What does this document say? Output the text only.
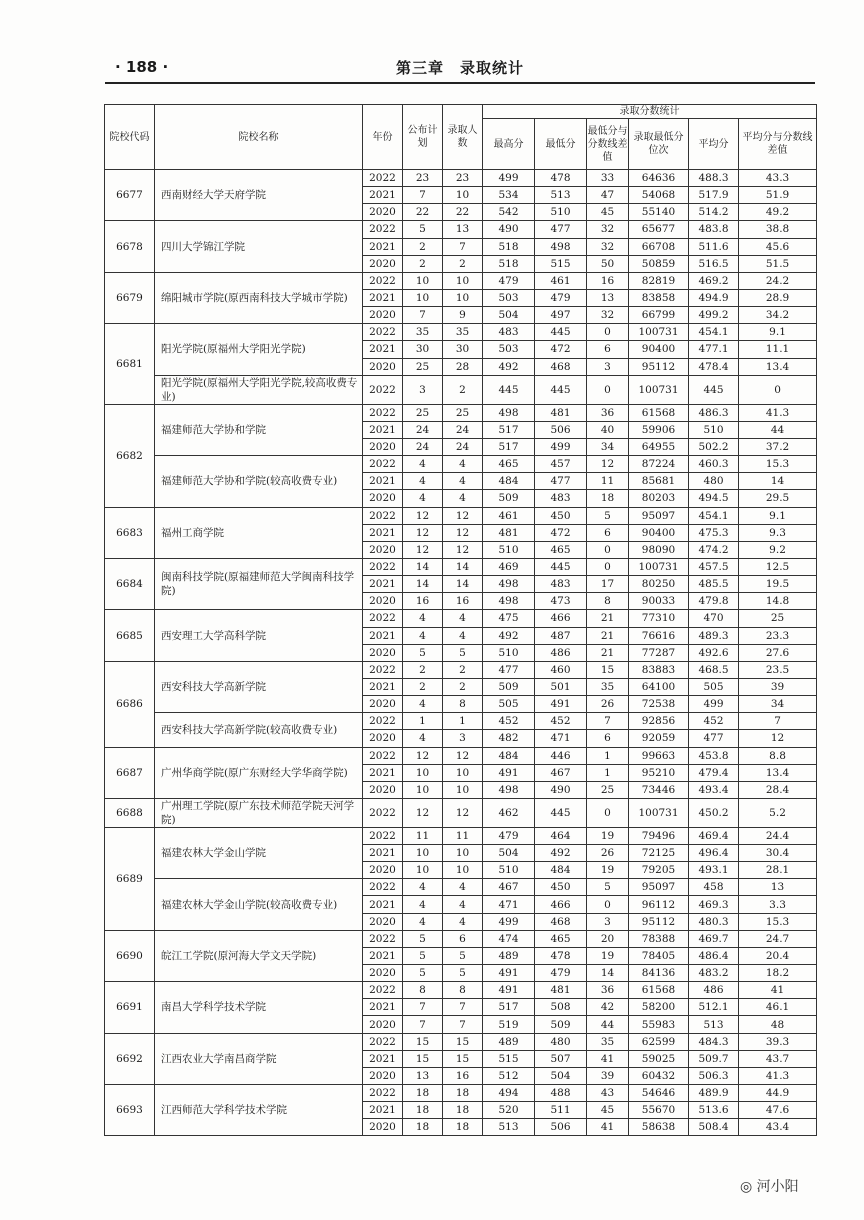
· 188 ·	第三章　录取统计
院校代码	院校名称	年份	公布计划	录取人数	录取分数统计					
					最高分	最低分	最低分与分数线差值	录取最低分位次	平均分	平均分与分数线差值
6677	西南财经大学天府学院	2022	23	23	499	478	33	64636	488.3	43.3
		2021	7	10	534	513	47	54068	517.9	51.9
		2020	22	22	542	510	45	55140	514.2	49.2
6678	四川大学锦江学院	2022	5	13	490	477	32	65677	483.8	38.8
		2021	2	7	518	498	32	66708	511.6	45.6
		2020	2	2	518	515	50	50859	516.5	51.5
6679	绵阳城市学院(原西南科技大学城市学院)	2022	10	10	479	461	16	82819	469.2	24.2
		2021	10	10	503	479	13	83858	494.9	28.9
		2020	7	9	504	497	32	66799	499.2	34.2
6681	阳光学院(原福州大学阳光学院)	2022	35	35	483	445	0	100731	454.1	9.1
		2021	30	30	503	472	6	90400	477.1	11.1
		2020	25	28	492	468	3	95112	478.4	13.4
	阳光学院(原福州大学阳光学院,较高收费专业)	2022	3	2	445	445	0	100731	445	0
6682	福建师范大学协和学院	2022	25	25	498	481	36	61568	486.3	41.3
		2021	24	24	517	506	40	59906	510	44
		2020	24	24	517	499	34	64955	502.2	37.2
	福建师范大学协和学院(较高收费专业)	2022	4	4	465	457	12	87224	460.3	15.3
		2021	4	4	484	477	11	85681	480	14
		2020	4	4	509	483	18	80203	494.5	29.5
6683	福州工商学院	2022	12	12	461	450	5	95097	454.1	9.1
		2021	12	12	481	472	6	90400	475.3	9.3
		2020	12	12	510	465	0	98090	474.2	9.2
6684	闽南科技学院(原福建师范大学闽南科技学院)	2022	14	14	469	445	0	100731	457.5	12.5
		2021	14	14	498	483	17	80250	485.5	19.5
		2020	16	16	498	473	8	90033	479.8	14.8
6685	西安理工大学高科学院	2022	4	4	475	466	21	77310	470	25
		2021	4	4	492	487	21	76616	489.3	23.3
		2020	5	5	510	486	21	77287	492.6	27.6
6686	西安科技大学高新学院	2022	2	2	477	460	15	83883	468.5	23.5
		2021	2	2	509	501	35	64100	505	39
		2020	4	8	505	491	26	72538	499	34
	西安科技大学高新学院(较高收费专业)	2022	1	1	452	452	7	92856	452	7
		2020	4	3	482	471	6	92059	477	12
6687	广州华商学院(原广东财经大学华商学院)	2022	12	12	484	446	1	99663	453.8	8.8
		2021	10	10	491	467	1	95210	479.4	13.4
		2020	10	10	498	490	25	73446	493.4	28.4
6688	广州理工学院(原广东技术师范学院天河学院)	2022	12	12	462	445	0	100731	450.2	5.2
6689	福建农林大学金山学院	2022	11	11	479	464	19	79496	469.4	24.4
		2021	10	10	504	492	26	72125	496.4	30.4
		2020	10	10	510	484	19	79205	493.1	28.1
	福建农林大学金山学院(较高收费专业)	2022	4	4	467	450	5	95097	458	13
		2021	4	4	471	466	0	96112	469.3	3.3
		2020	4	4	499	468	3	95112	480.3	15.3
6690	皖江工学院(原河海大学文天学院)	2022	5	6	474	465	20	78388	469.7	24.7
		2021	5	5	489	478	19	78405	486.4	20.4
		2020	5	5	491	479	14	84136	483.2	18.2
6691	南昌大学科学技术学院	2022	8	8	491	481	36	61568	486	41
		2021	7	7	517	508	42	58200	512.1	46.1
		2020	7	7	519	509	44	55983	513	48
6692	江西农业大学南昌商学院	2022	15	15	489	480	35	62599	484.3	39.3
		2021	15	15	515	507	41	59025	509.7	43.7
		2020	13	16	512	504	39	60432	506.3	41.3
6693	江西师范大学科学技术学院	2022	18	18	494	488	43	54646	489.9	44.9
		2021	18	18	520	511	45	55670	513.6	47.6
		2020	18	18	513	506	41	58638	508.4	43.4
◎ 河小阳
